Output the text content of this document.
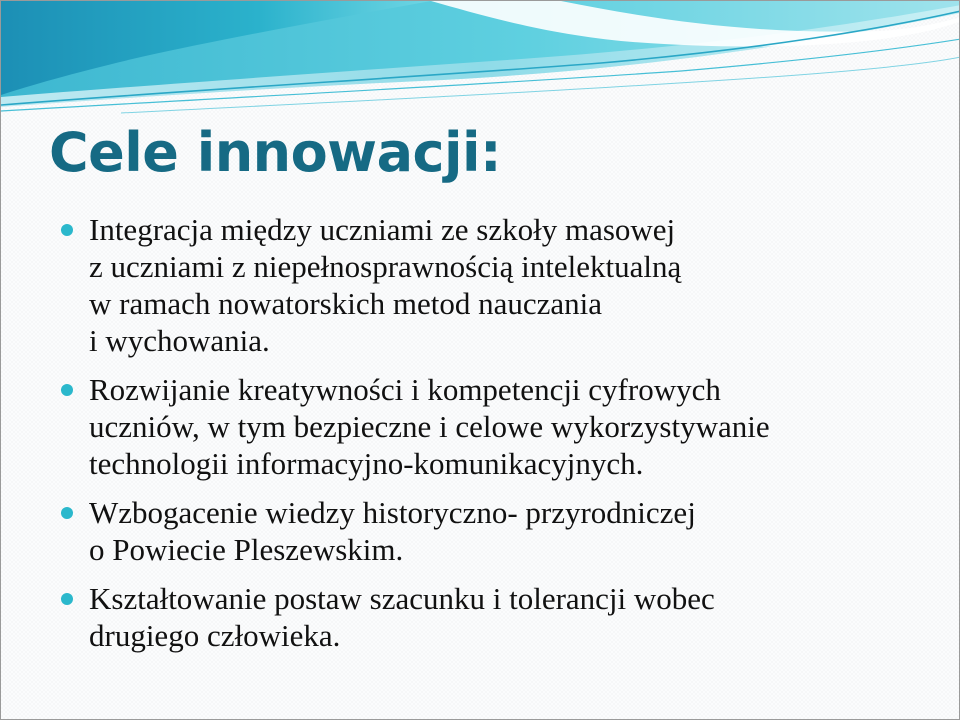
Cele innowacji:
Integracja między uczniami ze szkoły masowej
z uczniami z niepełnosprawnością intelektualną
w ramach nowatorskich metod nauczania
i wychowania.
Rozwijanie kreatywności i kompetencji cyfrowych
uczniów, w tym bezpieczne i celowe wykorzystywanie
technologii informacyjno-komunikacyjnych.
Wzbogacenie wiedzy historyczno- przyrodniczej
o Powiecie Pleszewskim.
Kształtowanie postaw szacunku i tolerancji wobec
drugiego człowieka.
